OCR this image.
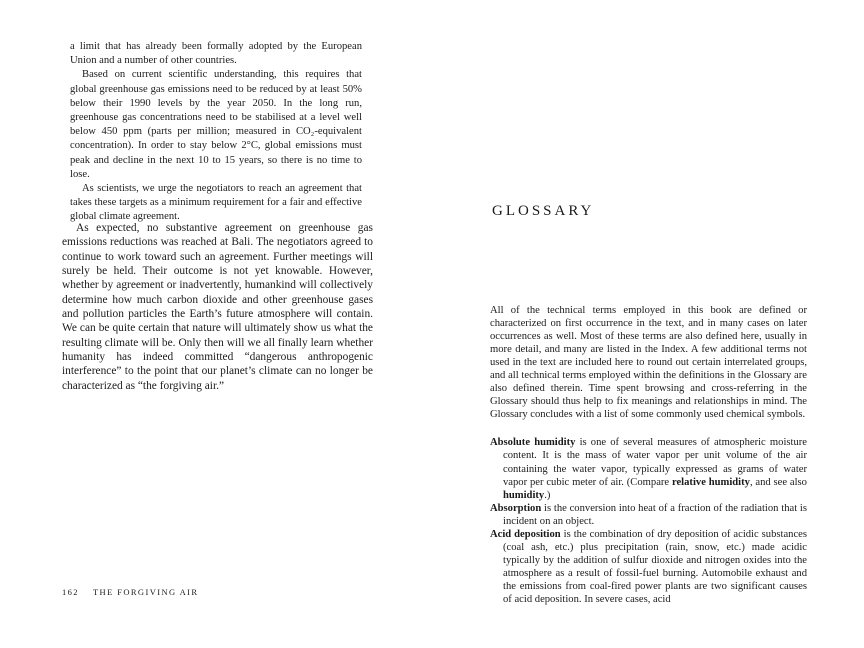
a limit that has already been formally adopted by the European Union and a number of other countries.

Based on current scientific understanding, this requires that global greenhouse gas emissions need to be reduced by at least 50% below their 1990 levels by the year 2050. In the long run, greenhouse gas concentrations need to be stabilised at a level well below 450 ppm (parts per million; measured in CO₂-equivalent concentration). In order to stay below 2°C, global emissions must peak and decline in the next 10 to 15 years, so there is no time to lose.

As scientists, we urge the negotiators to reach an agreement that takes these targets as a minimum requirement for a fair and effective global climate agreement.

As expected, no substantive agreement on greenhouse gas emissions reductions was reached at Bali. The negotiators agreed to continue to work toward such an agreement. Further meetings will surely be held. Their outcome is not yet knowable. However, whether by agreement or inadvertently, humankind will collectively determine how much carbon dioxide and other greenhouse gases and pollution particles the Earth’s future atmosphere will contain. We can be quite certain that nature will ultimately show us what the resulting climate will be. Only then will we all finally learn whether humanity has indeed committed “dangerous anthropogenic interference” to the point that our planet’s climate can no longer be characterized as “the forgiving air.”

162 THE FORGIVING AIR
GLOSSARY

All of the technical terms employed in this book are defined or characterized on first occurrence in the text, and in many cases on later occurrences as well. Most of these terms are also defined here, usually in more detail, and many are listed in the Index. A few additional terms not used in the text are included here to round out certain interrelated groups, and all technical terms employed within the definitions in the Glossary are also defined therein. Time spent browsing and cross-referring in the Glossary should thus help to fix meanings and relationships in mind. The Glossary concludes with a list of some commonly used chemical symbols.

Absolute humidity is one of several measures of atmospheric moisture content. It is the mass of water vapor per unit volume of the air containing the water vapor, typically expressed as grams of water vapor per cubic meter of air. (Compare relative humidity, and see also humidity.)

Absorption is the conversion into heat of a fraction of the radiation that is incident on an object.

Acid deposition is the combination of dry deposition of acidic substances (coal ash, etc.) plus precipitation (rain, snow, etc.) made acidic typically by the addition of sulfur dioxide and nitrogen oxides into the atmosphere as a result of fossil-fuel burning. Automobile exhaust and the emissions from coal-fired power plants are two significant causes of acid deposition. In severe cases, acid
